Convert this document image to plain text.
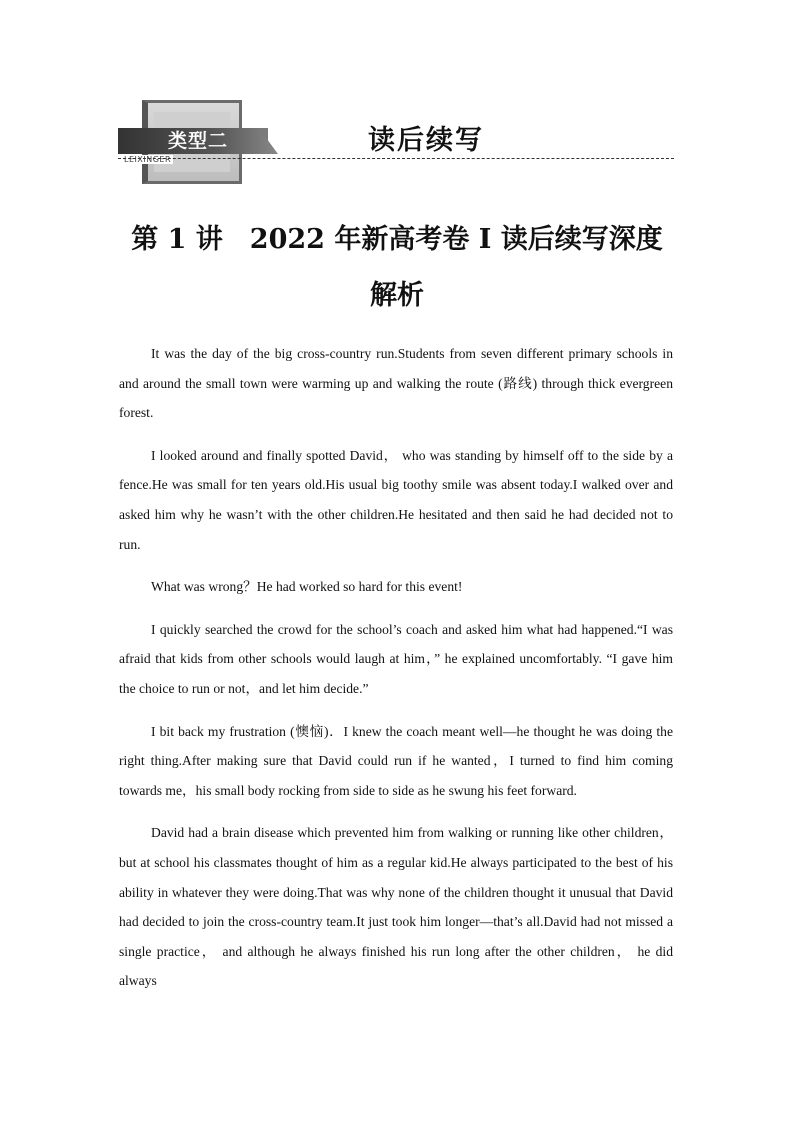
类型二
LEIXINGER
读后续写
第 1 讲　2022 年新高考卷 Ⅰ 读后续写深度
解析

It was the day of the big cross-country run.Students from seven different primary schools in and around the small town were warming up and walking the route (路线) through thick evergreen forest.

I looked around and finally spotted David， who was standing by himself off to the side by a fence.He was small for ten years old.His usual big toothy smile was absent today.I walked over and asked him why he wasn’t with the other children.He hesitated and then said he had decided not to run.

What was wrong？He had worked so hard for this event!

I quickly searched the crowd for the school’s coach and asked him what had happened.“I was afraid that kids from other schools would laugh at him，” he explained uncomfortably. “I gave him the choice to run or not，and let him decide.”

I bit back my frustration (懊恼)．I knew the coach meant well—he thought he was doing the right thing.After making sure that David could run if he wanted，I turned to find him coming towards me，his small body rocking from side to side as he swung his feet forward.

David had a brain disease which prevented him from walking or running like other children， but at school his classmates thought of him as a regular kid.He always participated to the best of his ability in whatever they were doing.That was why none of the children thought it unusual that David had decided to join the cross-country team.It just took him longer—that’s all.David had not missed a single practice， and although he always finished his run long after the other children， he did always
